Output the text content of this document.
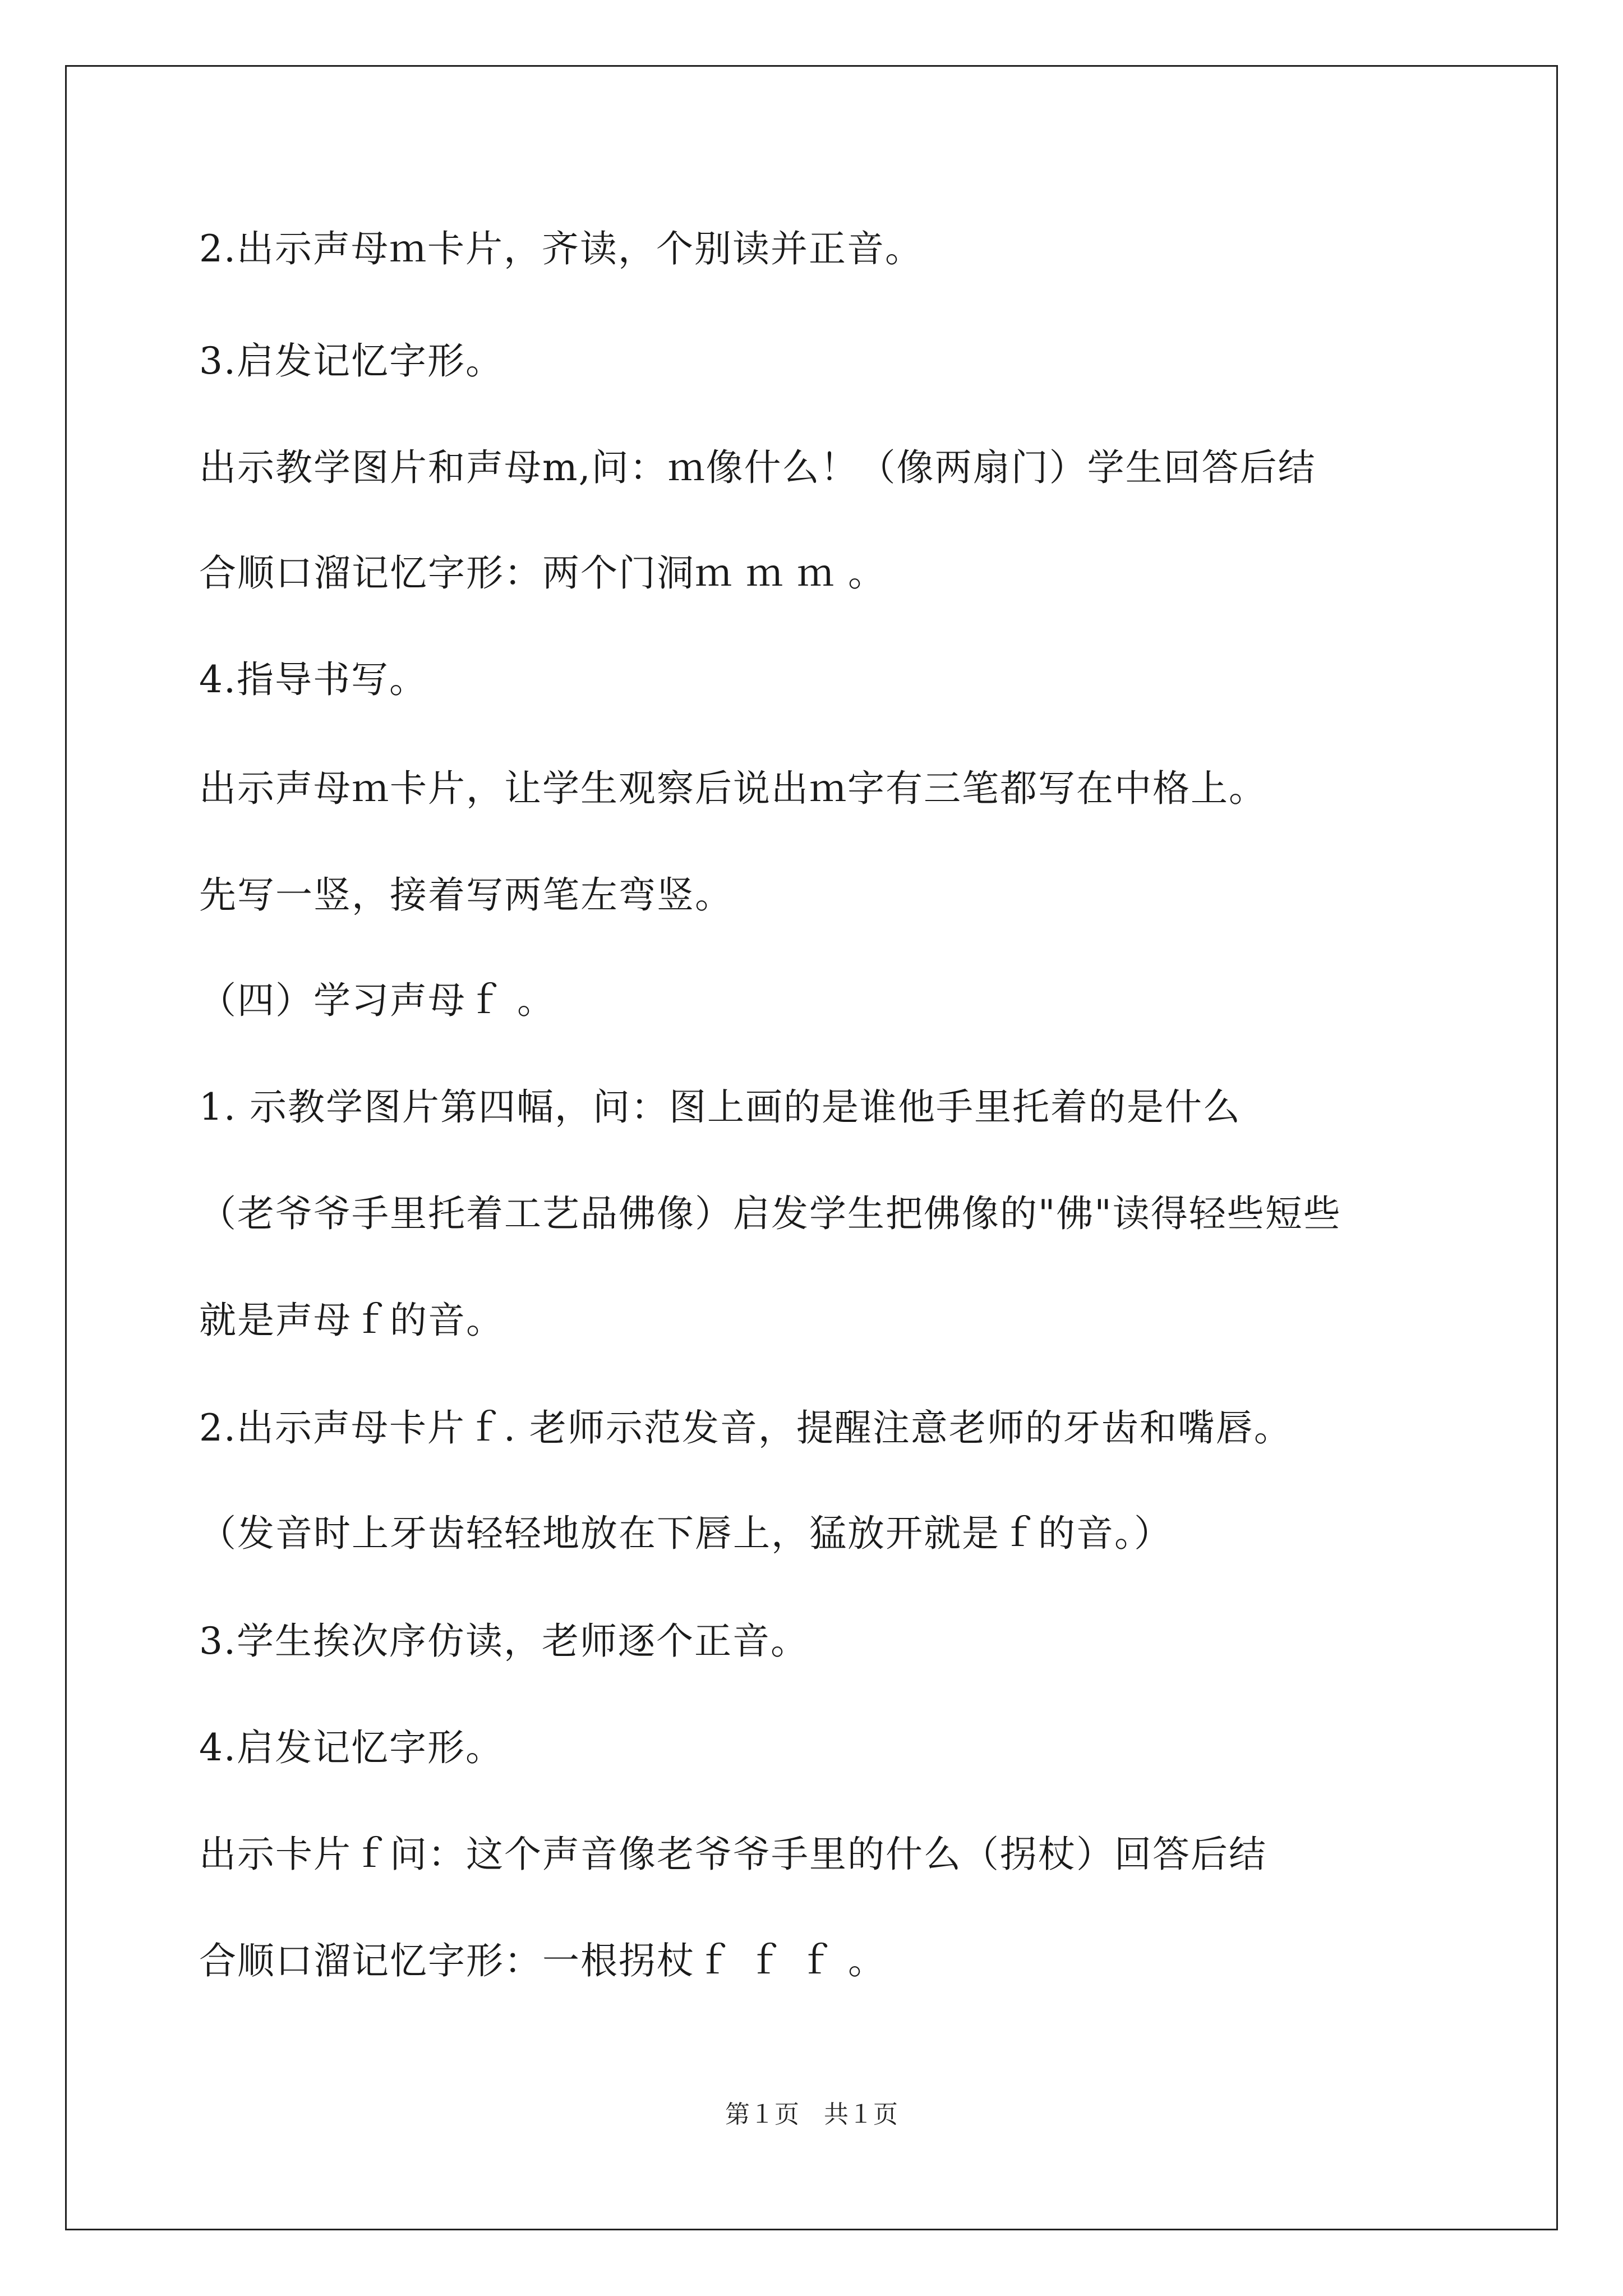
2.出示声母ｍ卡片，齐读，个别读并正音。
3.启发记忆字形。
出示教学图片和声母m,问：ｍ像什么！（像两扇门）学生回答后结
合顺口溜记忆字形：两个门洞ｍ ｍ ｍ 。
4.指导书写。
出示声母ｍ卡片，让学生观察后说出ｍ字有三笔都写在中格上。
先写一竖，接着写两笔左弯竖。
（四）学习声母ｆ 。
1. 示教学图片第四幅，问：图上画的是谁他手里托着的是什么
（老爷爷手里托着工艺品佛像）启发学生把佛像的"佛"读得轻些短些
就是声母ｆ的音。
2.出示声母卡片ｆ. 老师示范发音，提醒注意老师的牙齿和嘴唇。
（发音时上牙齿轻轻地放在下唇上，猛放开就是ｆ的音。）
3.学生挨次序仿读，老师逐个正音。
4.启发记忆字形。
出示卡片ｆ问：这个声音像老爷爷手里的什么（拐杖）回答后结
合顺口溜记忆字形：一根拐杖ｆ ｆ ｆ 。
第１页　共１页
